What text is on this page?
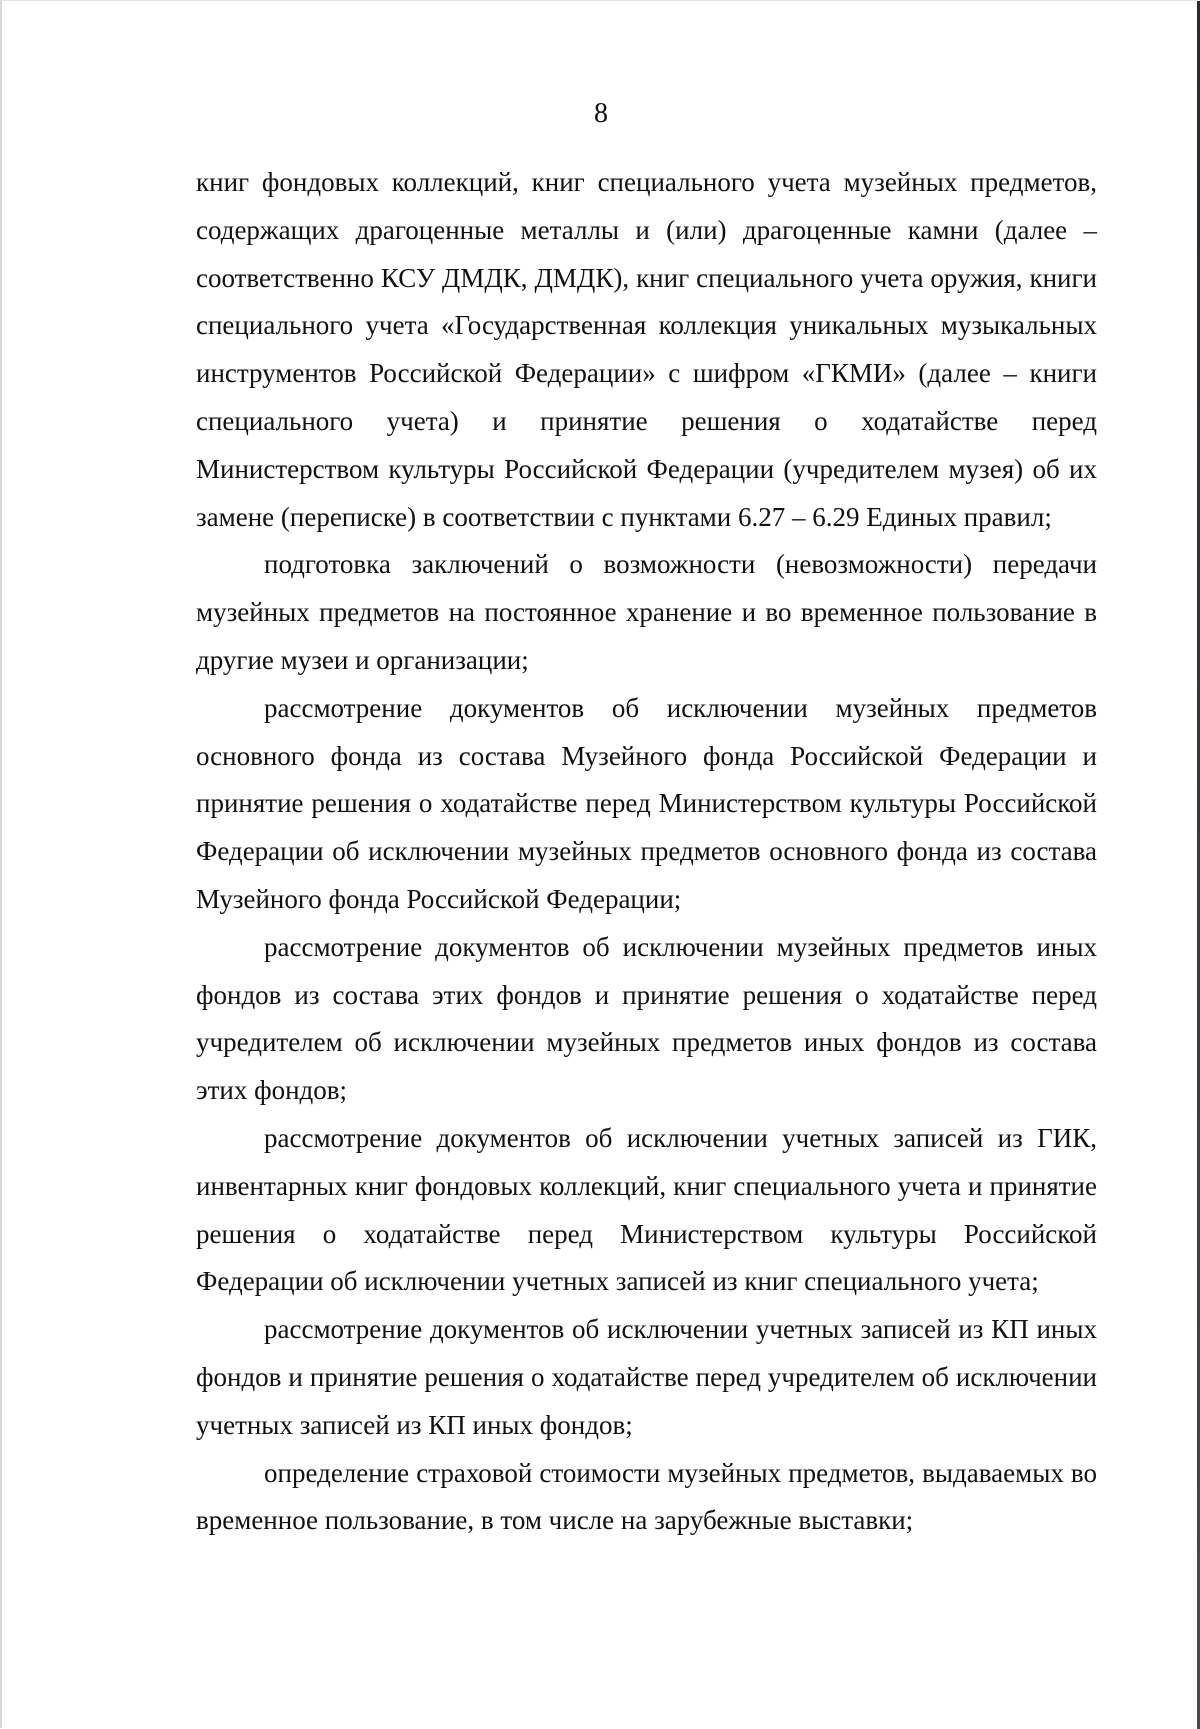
8

книг фондовых коллекций, книг специального учета музейных предметов, содержащих драгоценные металлы и (или) драгоценные камни (далее – соответственно КСУ ДМДК, ДМДК), книг специального учета оружия, книги специального учета «Государственная коллекция уникальных музыкальных инструментов Российской Федерации» с шифром «ГКМИ» (далее – книги специального учета) и принятие решения о ходатайстве перед Министерством культуры Российской Федерации (учредителем музея) об их замене (переписке) в соответствии с пунктами 6.27 – 6.29 Единых правил;

подготовка заключений о возможности (невозможности) передачи музейных предметов на постоянное хранение и во временное пользование в другие музеи и организации;

рассмотрение документов об исключении музейных предметов основного фонда из состава Музейного фонда Российской Федерации и принятие решения о ходатайстве перед Министерством культуры Российской Федерации об исключении музейных предметов основного фонда из состава Музейного фонда Российской Федерации;

рассмотрение документов об исключении музейных предметов иных фондов из состава этих фондов и принятие решения о ходатайстве перед учредителем об исключении музейных предметов иных фондов из состава этих фондов;

рассмотрение документов об исключении учетных записей из ГИК, инвентарных книг фондовых коллекций, книг специального учета и принятие решения о ходатайстве перед Министерством культуры Российской Федерации об исключении учетных записей из книг специального учета;

рассмотрение документов об исключении учетных записей из КП иных фондов и принятие решения о ходатайстве перед учредителем об исключении учетных записей из КП иных фондов;

определение страховой стоимости музейных предметов, выдаваемых во временное пользование, в том числе на зарубежные выставки;
